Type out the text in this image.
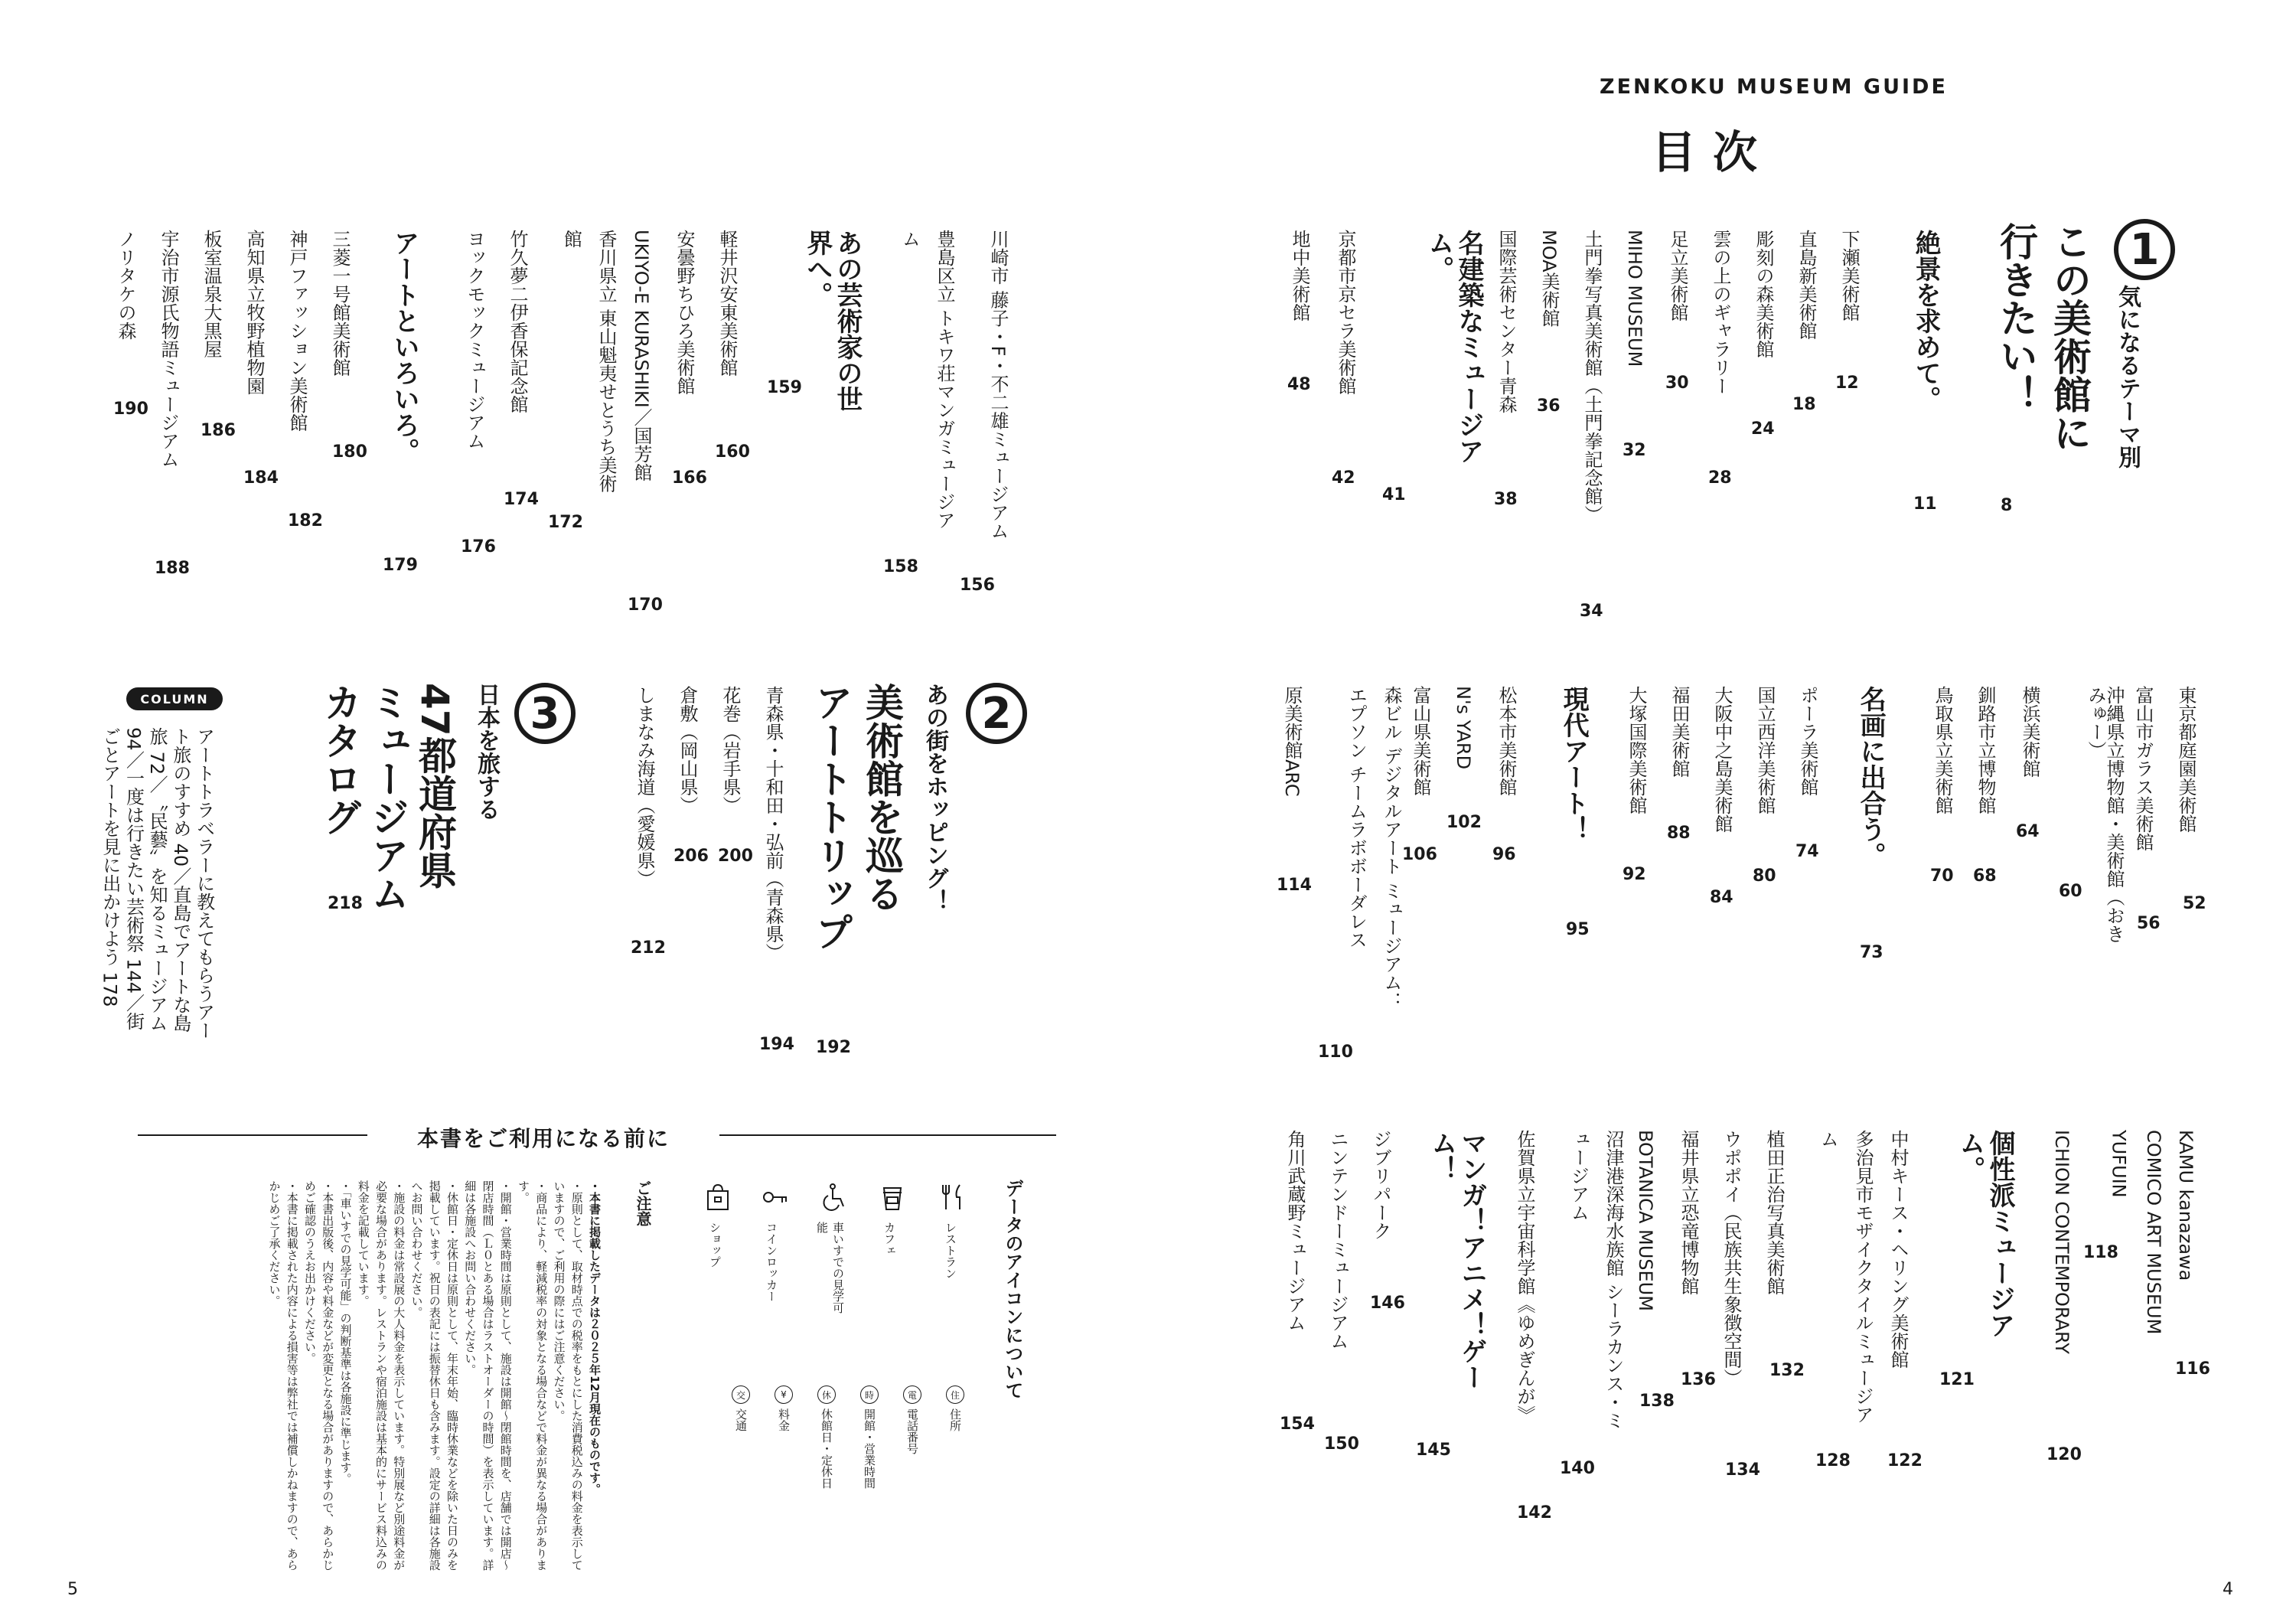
ZENKOKU MUSEUM GUIDE
目次
1
気になるテーマ別
この美術館に
行きたい！
8
絶景を求めて。
11
下瀬美術館
12
直島新美術館
18
彫刻の森美術館
24
雲の上のギャラリー
28
足立美術館
30
MIHO MUSEUM
32
土門拳写真美術館（土門拳記念館）
34
MOA美術館
36
国際芸術センター青森
38
名建築なミュージアム。
41
京都市京セラ美術館
42
地中美術館
48
東京都庭園美術館
52
富山市ガラス美術館
56
沖縄県立博物館・美術館（おきみゅー）
60
横浜美術館
64
釧路市立博物館
68
鳥取県立美術館
70
名画に出合う。
73
ポーラ美術館
74
国立西洋美術館
80
大阪中之島美術館
84
福田美術館
88
大塚国際美術館
92
現代アート！
95
松本市美術館
96
N's YARD
102
富山県美術館
106
森ビル デジタルアート ミュージアム： エプソン チームラボボーダレス
110
原美術館ARC
114
KAMU kanazawa
116
COMICO ART MUSEUM YUFUIN
118
ICHION CONTEMPORARY
120
個性派ミュージアム。
121
中村キース・ヘリング美術館
122
多治見市モザイクタイルミュージアム
128
植田正治写真美術館
132
ウポポイ（民族共生象徴空間）
134
福井県立恐竜博物館
136
BOTANICA MUSEUM
138
沼津港深海水族館 シーラカンス・ミュージアム
140
佐賀県立宇宙科学館《ゆめぎんが》
142
マンガ！アニメ！ゲーム！
145
ジブリパーク
146
ニンテンドーミュージアム
150
角川武蔵野ミュージアム
154
川崎市 藤子・F・不二雄ミュージアム
156
豊島区立 トキワ荘マンガミュージアム
158
あの芸術家の世界へ。
159
軽井沢安東美術館
160
安曇野ちひろ美術館
166
UKIYO-E KURASHIKI／国芳館
170
香川県立 東山魁夷せとうち美術館
172
竹久夢二伊香保記念館
174
ヨックモックミュージアム
176
アートといろいろ。
179
三菱一号館美術館
180
神戸ファッション美術館
182
高知県立牧野植物園
184
板室温泉大黒屋
186
宇治市源氏物語ミュージアム
188
ノリタケの森
190
2
あの街をホッピング！
美術館を巡る
アートトリップ
192
青森県・十和田・弘前（青森県）
194
花巻（岩手県）
200
倉敷（岡山県）
206
しまなみ海道（愛媛県）
212
3
日本を旅する
47都道府県
ミュージアム
カタログ
218
COLUMN
アートトラベラーに教えてもらうアー
ト旅のすすめ 40／直島でアートな島
旅 72／〝民藝〟を知るミュージアム
94／一度は行きたい芸術祭 144／街
ごとアートを見に出かけよう 178
本書をご利用になる前に
データのアイコンについて
レストラン
カフェ
車いすでの見学可能
コインロッカー
ショップ
住住所
電電話番号
時開館・営業時間
休休館日・定休日
¥料金
交交通
ご注意
・本書に掲載したデータは２０２５年12月現在のものです。
・原則として、取材時点での税率をもとにした消費税込みの料金を表示していますので、ご利用の際にはご注意ください。
・商品により、軽減税率の対象となる場合などで料金が異なる場合があります。
・開館・営業時間は原則として、施設は開館～閉館時間を、店舗では開店～閉店時間（Ｌ０とある場合はラストオーダーの時間）を表示しています。詳細は各施設へお問い合わせください。
・休館日・定休日は原則として、年末年始、臨時休業などを除いた日のみを掲載しています。祝日の表記には振替休日も含みます。設定の詳細は各施設へお問い合わせください。
・施設の料金は常設展の大人料金を表示しています。特別展など別途料金が必要な場合があります。レストランや宿泊施設は基本的にサービス料込みの料金を記載しています。
・「車いすでの見学可能」の判断基準は各施設に準じます。
・本書出版後、内容や料金などが変更となる場合がありますので、あらかじめご確認のうえお出かけください。
・本書に掲載された内容による損害等は弊社では補償しかねますので、あらかじめご了承ください。
5	4
